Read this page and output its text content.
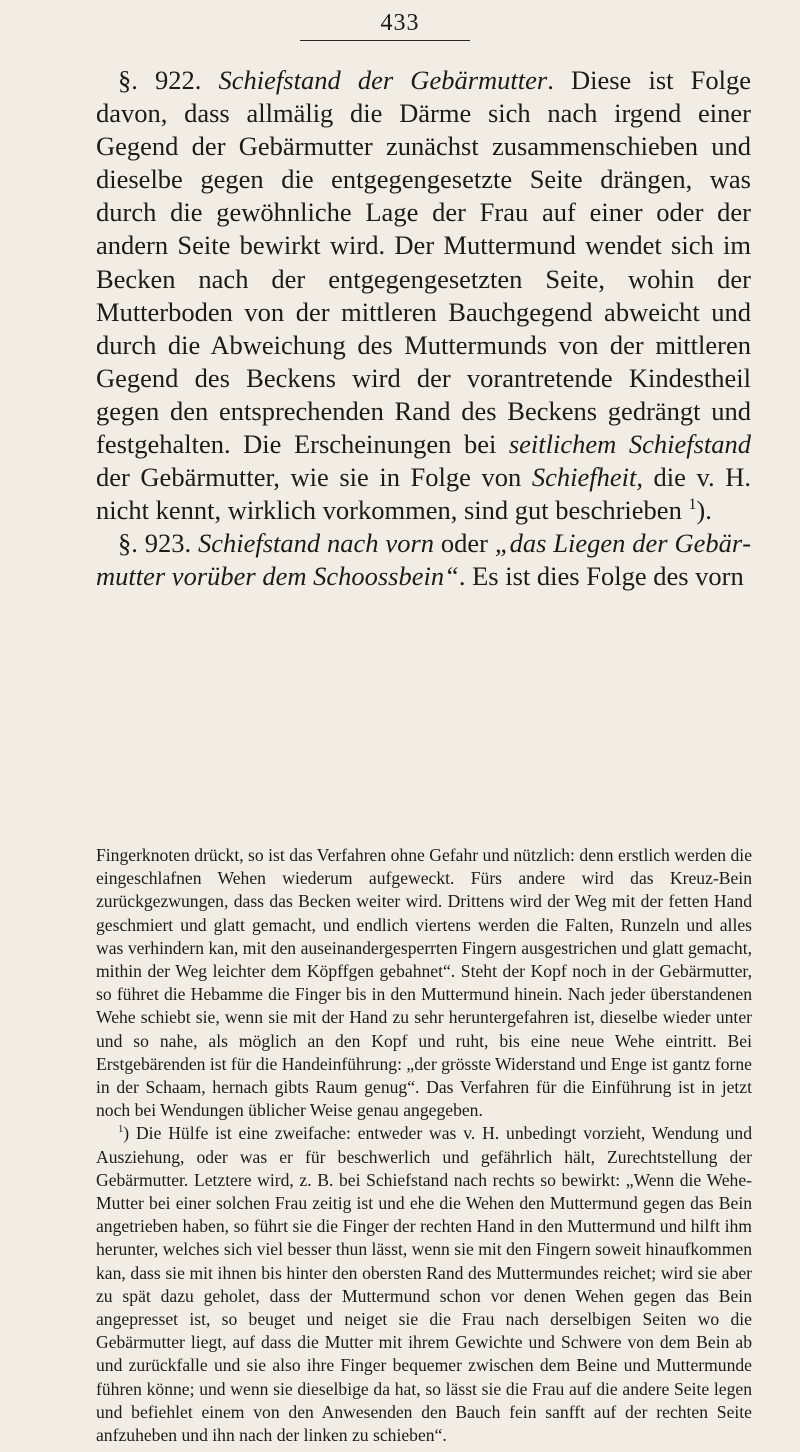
433

§. 922. Schiefstand der Gebärmutter. Diese ist Folge davon, dass allmälig die Därme sich nach irgend einer Gegend der Gebärmutter zunächst zusammenschieben und dieselbe gegen die entgegengesetzte Seite drängen, was durch die gewöhnliche Lage der Frau auf einer oder der andern Seite bewirkt wird. Der Muttermund wendet sich im Becken nach der entgegengesetzten Seite, wohin der Mutterboden von der mittleren Bauchgegend abweicht und durch die Abweichung des Muttermunds von der mittleren Gegend des Beckens wird der vorantretende Kindestheil gegen den entsprechenden Rand des Beckens gedrängt und festgehalten. Die Erscheinungen bei seitlichem Schiefstand der Gebärmutter, wie sie in Folge von Schiefheit, die v. H. nicht kennt, wirklich vorkommen, sind gut beschrieben $^1$).

§. 923. Schiefstand nach vorn oder „das Liegen der Gebärmutter vorüber dem Schoossbein“. Es ist dies Folge des vorn

Fingerknoten drückt, so ist das Verfahren ohne Gefahr und nützlich: denn erstlich werden die eingeschlafnen Wehen wiederum aufgeweckt. Fürs andere wird das Kreuz-Bein zurückgezwungen, dass das Becken weiter wird. Drittens wird der Weg mit der fetten Hand geschmiert und glatt gemacht, und endlich viertens werden die Falten, Runzeln und alles was verhindern kan, mit den auseinandergesperrten Fingern ausgestrichen und glatt gemacht, mithin der Weg leichter dem Köpffgen gebahnet“. Steht der Kopf noch in der Gebärmutter, so führet die Hebamme die Finger bis in den Muttermund hinein. Nach jeder überstandenen Wehe schiebt sie, wenn sie mit der Hand zu sehr heruntergefahren ist, dieselbe wieder unter und so nahe, als möglich an den Kopf und ruht, bis eine neue Wehe eintritt. Bei Erstgebärenden ist für die Handeinführung: „der grösste Widerstand und Enge ist gantz forne in der Schaam, hernach gibts Raum genug“. Das Verfahren für die Einführung ist in jetzt noch bei Wendungen üblicher Weise genau angegeben.

$^1$) Die Hülfe ist eine zweifache: entweder was v. H. unbedingt vorzieht, Wendung und Ausziehung, oder was er für beschwerlich und gefährlich hält, Zurechtstellung der Gebärmutter. Letztere wird, z. B. bei Schiefstand nach rechts so bewirkt: „Wenn die Wehe-Mutter bei einer solchen Frau zeitig ist und ehe die Wehen den Muttermund gegen das Bein angetrieben haben, so führt sie die Finger der rechten Hand in den Muttermund und hilft ihm herunter, welches sich viel besser thun lässt, wenn sie mit den Fingern soweit hinaufkommen kan, dass sie mit ihnen bis hinter den obersten Rand des Muttermundes reichet; wird sie aber zu spät dazu geholet, dass der Muttermund schon vor denen Wehen gegen das Bein angepresset ist, so beuget und neiget sie die Frau nach derselbigen Seiten wo die Gebärmutter liegt, auf dass die Mutter mit ihrem Gewichte und Schwere von dem Bein ab und zurückfalle und sie also ihre Finger bequemer zwischen dem Beine und Muttermunde führen könne; und wenn sie dieselbige da hat, so lässt sie die Frau auf die andere Seite legen und befiehlet einem von den Anwesenden den Bauch fein sanfft auf der rechten Seite anfzuheben und ihn nach der linken zu schieben“.
